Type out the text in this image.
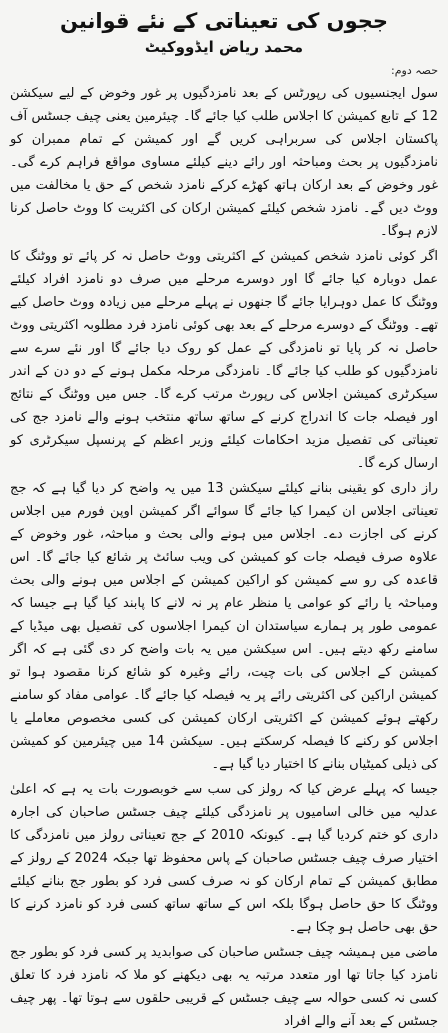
ججوں کی تعیناتی کے نئے قوانین
محمد ریاض ایڈووکیٹ
حصہ دوم:

سول ایجنسیوں کی رپورٹس کے بعد نامزدگیوں پر غور وخوض کے لیے سیکشن 12 کے تابع کمیشن کا اجلاس طلب کیا جائے گا۔ چیئرمین یعنی چیف جسٹس آف پاکستان اجلاس کی سربراہی کریں گے اور کمیشن کے تمام ممبران کو نامزدگیوں پر بحث ومباحثہ اور رائے دینے کیلئے مساوی مواقع فراہم کرے گی۔ غور وخوض کے بعد ارکان ہاتھ کھڑے کرکے نامزد شخص کے حق یا مخالفت میں ووٹ دیں گے۔ نامزد شخص کیلئے کمیشن ارکان کی اکثریت کا ووٹ حاصل کرنا لازم ہوگا۔

اگر کوئی نامزد شخص کمیشن کے اکثریتی ووٹ حاصل نہ کر پائے تو ووٹنگ کا عمل دوبارہ کیا جائے گا اور دوسرے مرحلے میں صرف دو نامزد افراد کیلئے ووٹنگ کا عمل دوہرایا جائے گا جنھوں نے پہلے مرحلے میں زیادہ ووٹ حاصل کیے تھے۔ ووٹنگ کے دوسرے مرحلے کے بعد بھی کوئی نامزد فرد مطلوبہ اکثریتی ووٹ حاصل نہ کر پایا تو نامزدگی کے عمل کو روک دیا جائے گا اور نئے سرے سے نامزدگیوں کو طلب کیا جائے گا۔ نامزدگی مرحلہ مکمل ہونے کے دو دن کے اندر سیکرٹری کمیشن اجلاس کی رپورٹ مرتب کرے گا۔ جس میں ووٹنگ کے نتائج اور فیصلہ جات کا اندراج کرنے کے ساتھ ساتھ منتخب ہونے والے نامزد جج کی تعیناتی کی تفصیل مزید احکامات کیلئے وزیر اعظم کے پرنسپل سیکرٹری کو ارسال کرے گا۔

راز داری کو یقینی بنانے کیلئے سیکشن 13 میں یہ واضح کر دیا گیا ہے کہ جج تعیناتی اجلاس ان کیمرا کیا جائے گا سوائے اگر کمیشن اوپن فورم میں اجلاس کرنے کی اجازت دے۔ اجلاس میں ہونے والی بحث و مباحثہ، غور وخوض کے علاوہ صرف فیصلہ جات کو کمیشن کی ویب سائٹ پر شائع کیا جائے گا۔ اس قاعدہ کی رو سے کمیشن کو اراکین کمیشن کے اجلاس میں ہونے والی بحث ومباحثہ یا رائے کو عوامی یا منظر عام پر نہ لانے کا پابند کیا گیا ہے جیسا کہ عمومی طور پر ہمارے سیاستدان ان کیمرا اجلاسوں کی تفصیل بھی میڈیا کے سامنے رکھ دیتے ہیں۔ اس سیکشن میں یہ بات واضح کر دی گئی ہے کہ اگر کمیشن کے اجلاس کی بات چیت، رائے وغیرہ کو شائع کرنا مقصود ہوا تو کمیشن اراکین کی اکثریتی رائے پر یہ فیصلہ کیا جائے گا۔ عوامی مفاد کو سامنے رکھتے ہوئے کمیشن کے اکثریتی ارکان کمیشن کی کسی مخصوص معاملے یا اجلاس کو رکنے کا فیصلہ کرسکتے ہیں۔ سیکشن 14 میں چیئرمین کو کمیشن کی ذیلی کمیٹیاں بنانے کا اختیار دیا گیا ہے۔

جیسا کہ پہلے عرض کیا کہ رولز کی سب سے خوبصورت بات یہ ہے کہ اعلیٰ عدلیہ میں خالی اسامیوں پر نامزدگی کیلئے چیف جسٹس صاحبان کی اجارہ داری کو ختم کردیا گیا ہے۔ کیونکہ 2010 کے جج تعیناتی رولز میں نامزدگی کا اختیار صرف چیف جسٹس صاحبان کے پاس محفوظ تھا جبکہ 2024 کے رولز کے مطابق کمیشن کے تمام ارکان کو نہ صرف کسی فرد کو بطور جج بنانے کیلئے ووٹنگ کا حق حاصل ہوگا بلکہ اس کے ساتھ ساتھ کسی فرد کو نامزد کرنے کا حق بھی حاصل ہو چکا ہے۔

ماضی میں ہمیشہ چیف جسٹس صاحبان کی صوابدید پر کسی فرد کو بطور جج نامزد کیا جاتا تھا اور متعدد مرتبہ یہ بھی دیکھنے کو ملا کہ نامزد فرد کا تعلق کسی نہ کسی حوالہ سے چیف جسٹس کے قریبی حلقوں سے ہوتا تھا۔ پھر چیف جسٹس کے بعد آنے والے افراد
